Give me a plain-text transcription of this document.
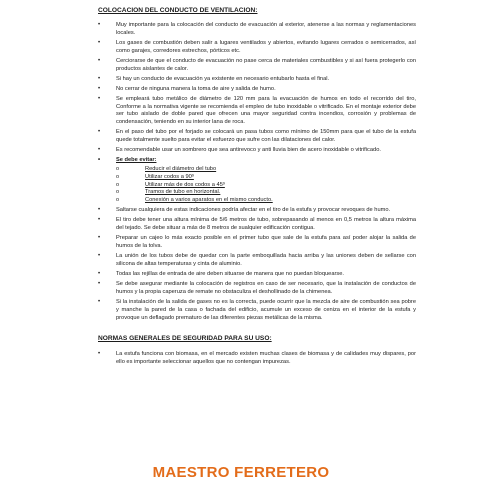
COLOCACION DEL CONDUCTO DE VENTILACION:
• Muy importante para la colocación del conducto de evacuación al exterior, atenerse a las normas y reglamentaciones locales.
• Los gases de combustión deben salir a lugares ventilados y abiertos, evitando lugares cerrados o semicerrados, así como garajes, corredores estrechos, pórticos etc.
• Cerciorarse de que el conducto de evacuación no pase cerca de materiales combustibles y si así fuera protegerlo con productos aislantes de calor.
• Si hay un conducto de evacuación ya existente en necesario entubarlo hasta el final.
• No cerrar de ninguna manera la toma de aire y salida de humo.
• Se empleará tubo metálico de diámetro de 120 mm para la evacuación de humos en todo el recorrido del tiro, Conforme a la normativa vigente se recomienda el empleo de tubo inoxidable o vitrificado. En el montaje exterior debe ser tubo aislado de doble pared que ofrecen una mayor seguridad contra incendios, corrosión y problemas de condensación, teniendo en su interior lana de roca.
• En el paso del tubo por el forjado se colocará un pasa tubos como mínimo de 150mm para que el tubo de la estufa quede totalmente suelto para evitar el esfuerzo que sufre con las dilataciones del calor.
• Es recomendable usar un sombrero que sea antirevoco y anti lluvia bien de acero inoxidable o vitrificado.
• Se debe evitar:
o Reducir el diámetro del tubo
o Utilizar codos a 90º
o Utilizar más de dos codos a 45º
o Tramos de tubo en horizontal.
o Conexión a varios aparatos en el mismo conducto.
• Saltarse cualquiera de estas indicaciones podría afectar en el tiro de la estufa y provocar revoques de humo.
• El tiro debe tener una altura mínima de 5/6 metros de tubo, sobrepasando al menos en 0,5 metros la altura máxima del tejado. Se debe situar a más de 8 metros de sualquier edificación contigua.
• Preparar un cajeo lo más exacto posible en el primer tubo que sale de la estufa para así poder alojar la salida de humos de la tolva.
• La unión de los tubos debe de quedar con la parte emboquillada hacia arriba y las uniones deben de sellarse con silicona de altas temperaturas y cinta de aluminio.
• Todas las rejillas de entrada de aire deben situarse de manera que no puedan bloquearse.
• Se debe asegurar mediante la colocación de registros en caso de ser necesario, que la instalación de conductos de humos y la propia caperuza de remate no obstaculiza el deshollinado de la chimenea.
• Si la instalación de la salida de gases no es la correcta, puede ocurrir que la mezcla de aire de combustión sea pobre y manche la pared de la casa o fachada del edificio, acumule un exceso de ceniza en el interior de la estufa y provoque un deflagado prematuro de las diferentes piezas metálicas de la misma.
NORMAS GENERALES DE SEGURIDAD PARA SU USO:
• La estufa funciona con biomasa, en el mercado existen muchas clases de biomasa y de calidades muy dispares, por ello es importante seleccionar aquellos que no contengan impurezas.
MAESTRO FERRETERO
